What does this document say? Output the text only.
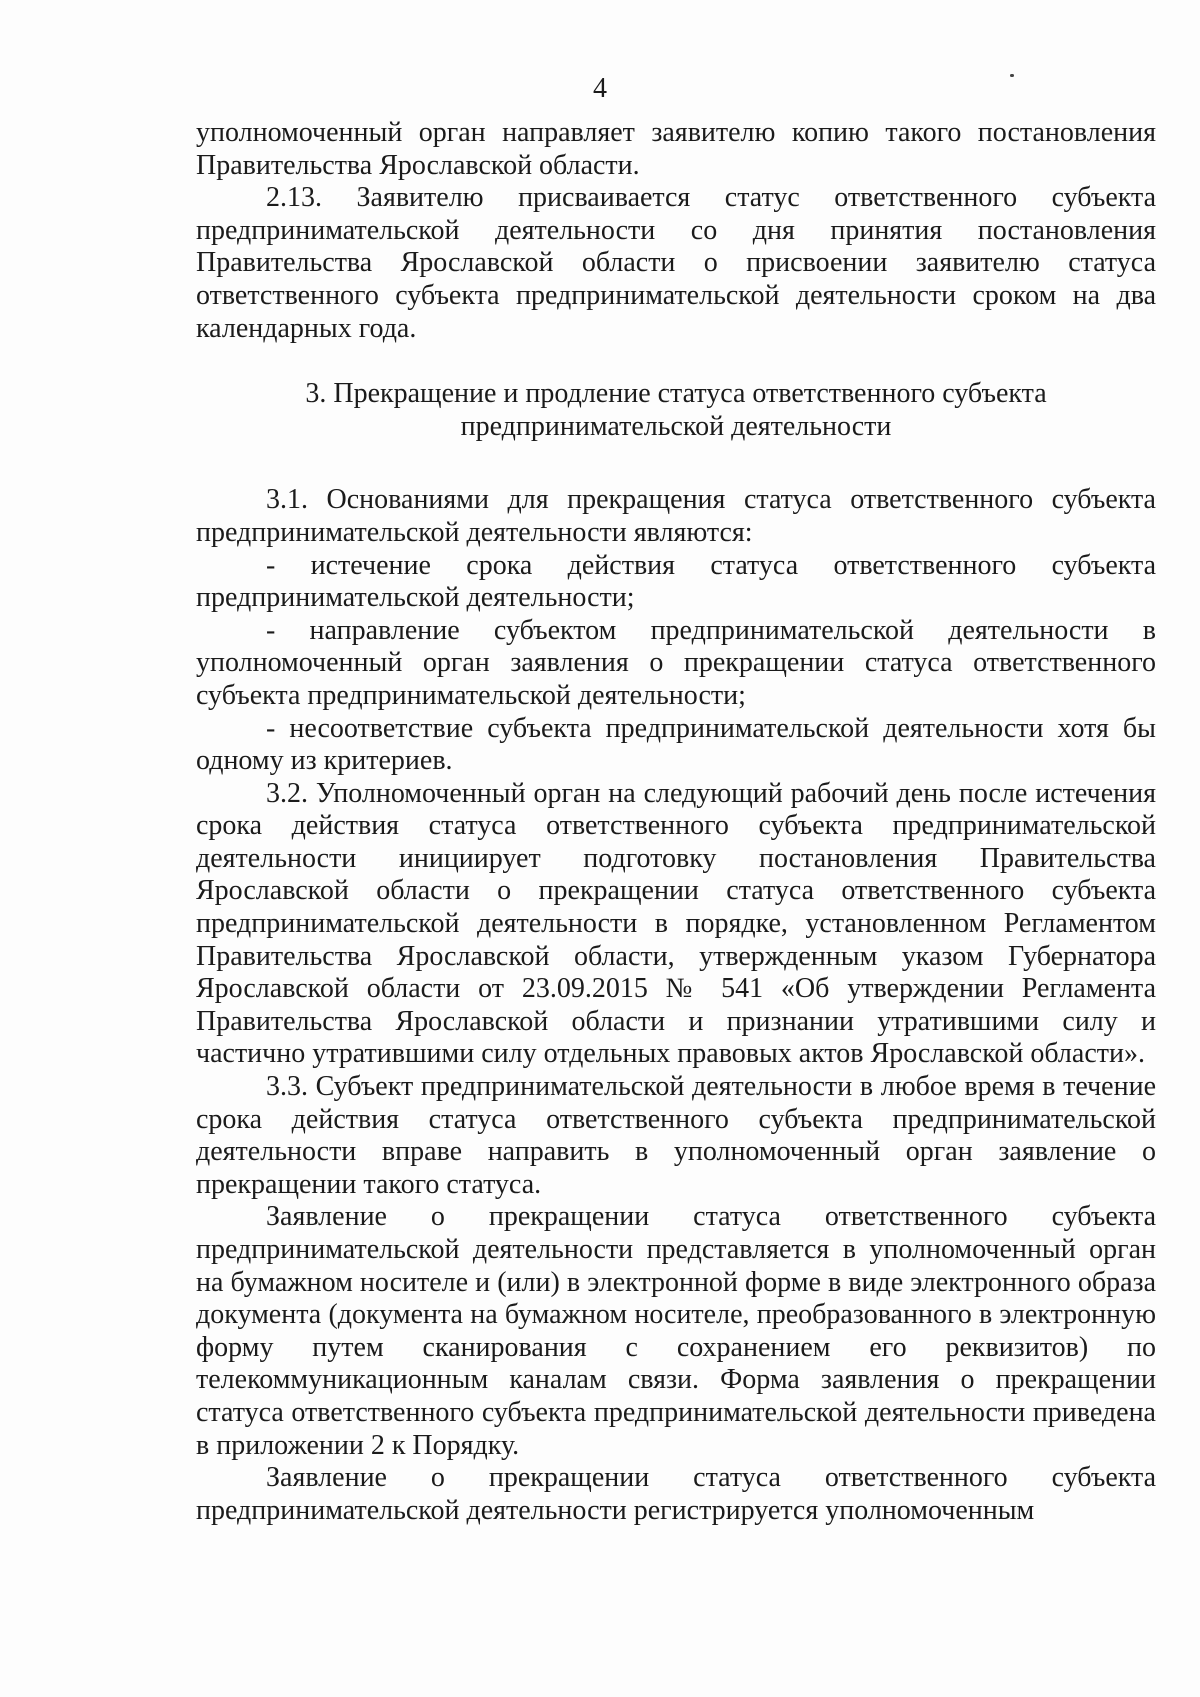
4

уполномоченный орган направляет заявителю копию такого постановления Правительства Ярославской области.

2.13. Заявителю присваивается статус ответственного субъекта предпринимательской деятельности со дня принятия постановления Правительства Ярославской области о присвоении заявителю статуса ответственного субъекта предпринимательской деятельности сроком на два календарных года.

3. Прекращение и продление статуса ответственного субъекта
предпринимательской деятельности

3.1. Основаниями для прекращения статуса ответственного субъекта предпринимательской деятельности являются:

- истечение срока действия статуса ответственного субъекта предпринимательской деятельности;

- направление субъектом предпринимательской деятельности в уполномоченный орган заявления о прекращении статуса ответственного субъекта предпринимательской деятельности;

- несоответствие субъекта предпринимательской деятельности хотя бы одному из критериев.

3.2. Уполномоченный орган на следующий рабочий день после истечения срока действия статуса ответственного субъекта предпринимательской деятельности инициирует подготовку постановления Правительства Ярославской области о прекращении статуса ответственного субъекта предпринимательской деятельности в порядке, установленном Регламентом Правительства Ярославской области, утвержденным указом Губернатора Ярославской области от 23.09.2015 № 541 «Об утверждении Регламента Правительства Ярославской области и признании утратившими силу и частично утратившими силу отдельных правовых актов Ярославской области».

3.3. Субъект предпринимательской деятельности в любое время в течение срока действия статуса ответственного субъекта предпринимательской деятельности вправе направить в уполномоченный орган заявление о прекращении такого статуса.

Заявление о прекращении статуса ответственного субъекта предпринимательской деятельности представляется в уполномоченный орган на бумажном носителе и (или) в электронной форме в виде электронного образа документа (документа на бумажном носителе, преобразованного в электронную форму путем сканирования с сохранением его реквизитов) по телекоммуникационным каналам связи. Форма заявления о прекращении статуса ответственного субъекта предпринимательской деятельности приведена в приложении 2 к Порядку.

Заявление о прекращении статуса ответственного субъекта предпринимательской деятельности регистрируется уполномоченным
